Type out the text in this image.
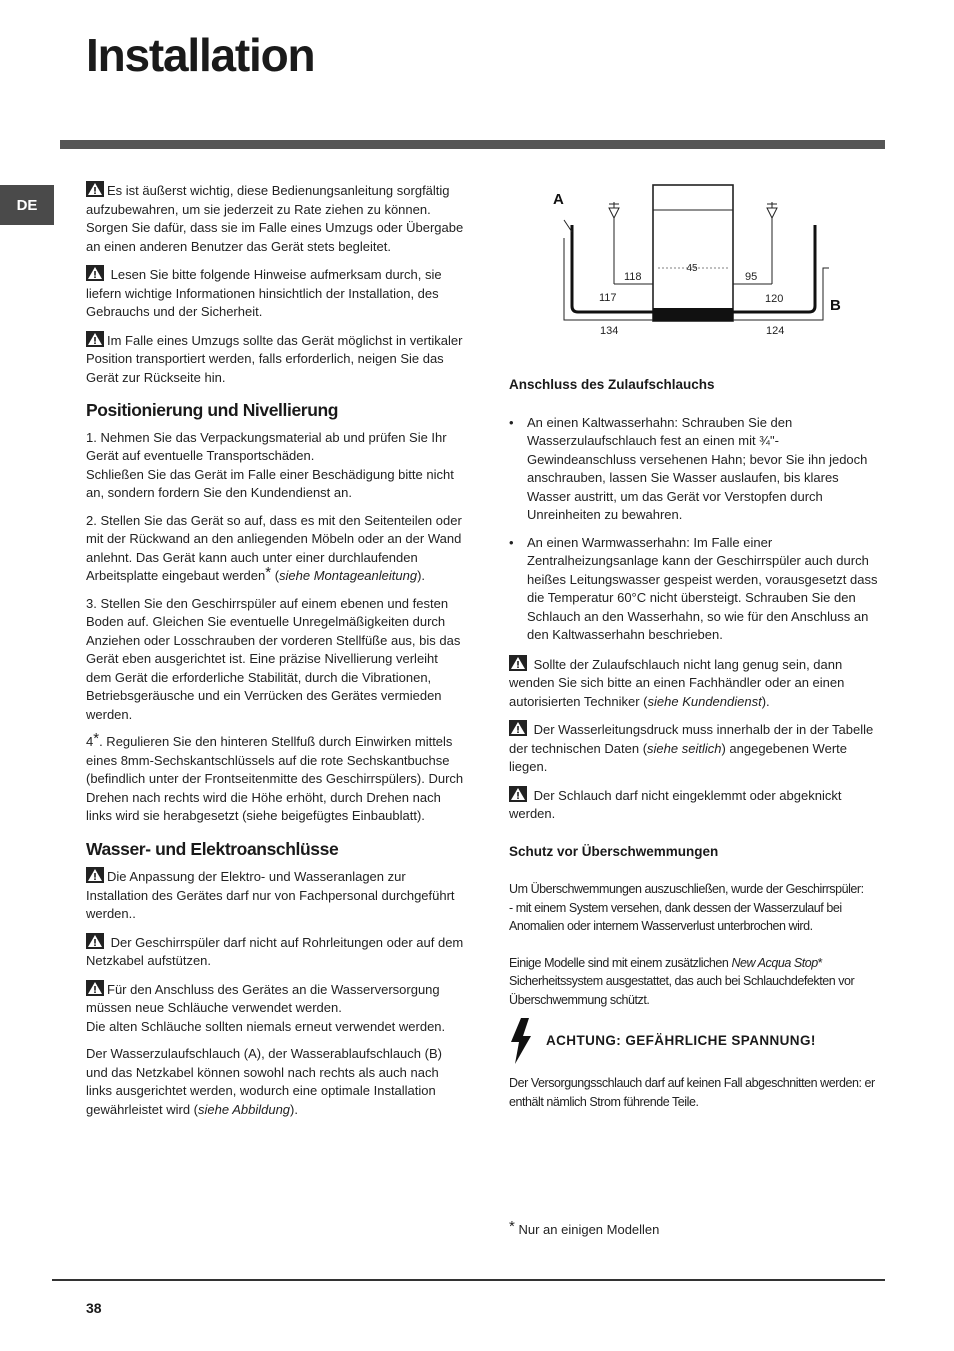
Installation
DE

Es ist äußerst wichtig, diese Bedienungsanleitung sorgfältig aufzubewahren, um sie jederzeit zu Rate ziehen zu können. Sorgen Sie dafür, dass sie im Falle eines Umzugs oder Übergabe an einen anderen Benutzer das Gerät stets begleitet.

Lesen Sie bitte folgende Hinweise aufmerksam durch, sie liefern wichtige Informationen hinsichtlich der Installation, des Gebrauchs und der Sicherheit.

Im Falle eines Umzugs sollte das Gerät möglichst in vertikaler Position transportiert werden, falls erforderlich, neigen Sie das Gerät zur Rückseite hin.

Positionierung und Nivellierung

1. Nehmen Sie das Verpackungsmaterial ab und prüfen Sie Ihr Gerät auf eventuelle Transportschäden.
Schließen Sie das Gerät im Falle einer Beschädigung bitte nicht an, sondern fordern Sie den Kundendienst an.

2. Stellen Sie das Gerät so auf, dass es mit den Seitenteilen oder mit der Rückwand an den anliegenden Möbeln oder an der Wand anlehnt. Das Gerät kann auch unter einer durchlaufenden Arbeitsplatte eingebaut werden* (siehe Montageanleitung).

3. Stellen Sie den Geschirrspüler auf einem ebenen und festen Boden auf. Gleichen Sie eventuelle Unregelmäßigkeiten durch Anziehen oder Losschrauben der vorderen Stellfüße aus, bis das Gerät eben ausgerichtet ist. Eine präzise Nivellierung verleiht dem Gerät die erforderliche Stabilität, durch die Vibrationen, Betriebsgeräusche und ein Verrücken des Gerätes vermieden werden.

4*. Regulieren Sie den hinteren Stellfuß durch Einwirken mittels eines 8mm-Sechskantschlüssels auf die rote Sechskantbuchse (befindlich unter der Frontseitenmitte des Geschirrspülers). Durch Drehen nach rechts wird die Höhe erhöht, durch Drehen nach links wird sie herabgesetzt (siehe beigefügtes Einbaublatt).

Wasser- und Elektroanschlüsse

Die Anpassung der Elektro- und Wasseranlagen zur Installation des Gerätes darf nur von Fachpersonal durchgeführt werden..

Der Geschirrspüler darf nicht auf Rohrleitungen oder auf dem Netzkabel aufstützen.

Für den Anschluss des Gerätes an die Wasserversorgung müssen neue Schläuche verwendet werden.
Die alten Schläuche sollten niemals erneut verwendet werden.

Der Wasserzulaufschlauch (A), der Wasserablaufschlauch (B) und das Netzkabel können sowohl nach rechts als auch nach links ausgerichtet werden, wodurch eine optimale Installation gewährleistet wird (siehe Abbildung).

45
A
B
118	95
117	120
134	124
Anschluss des Zulaufschlauchs
• An einen Kaltwasserhahn: Schrauben Sie den Wasserzulaufschlauch fest an einen mit ¾"-Gewindeanschluss versehenen Hahn; bevor Sie ihn jedoch anschrauben, lassen Sie Wasser auslaufen, bis klares Wasser austritt, um das Gerät vor Verstopfen durch Unreinheiten zu bewahren.
• An einen Warmwasserhahn: Im Falle einer Zentralheizungsanlage kann der Geschirrspüler auch durch heißes Leitungswasser gespeist werden, vorausgesetzt dass die Temperatur 60°C nicht übersteigt. Schrauben Sie den Schlauch an den Wasserhahn, so wie für den Anschluss an den Kaltwasserhahn beschrieben.

Sollte der Zulaufschlauch nicht lang genug sein, dann wenden Sie sich bitte an einen Fachhändler oder an einen autorisierten Techniker (siehe Kundendienst).

Der Wasserleitungsdruck muss innerhalb der in der Tabelle der technischen Daten (siehe seitlich) angegebenen Werte liegen.

Der Schlauch darf nicht eingeklemmt oder abgeknickt werden.

Schutz vor Überschwemmungen

Um Überschwemmungen auszuschließen, wurde der Geschirrspüler:
- mit einem System versehen, dank dessen der Wasserzulauf bei Anomalien oder internem Wasserverlust unterbrochen wird.

Einige Modelle sind mit einem zusätzlichen New Acqua Stop*
Sicherheitssystem ausgestattet, das auch bei Schlauchdefekten vor Überschwemmung schützt.

ACHTUNG: GEFÄHRLICHE SPANNUNG!

Der Versorgungsschlauch darf auf keinen Fall abgeschnitten werden: er enthält nämlich Strom führende Teile.

* Nur an einigen Modellen
38
